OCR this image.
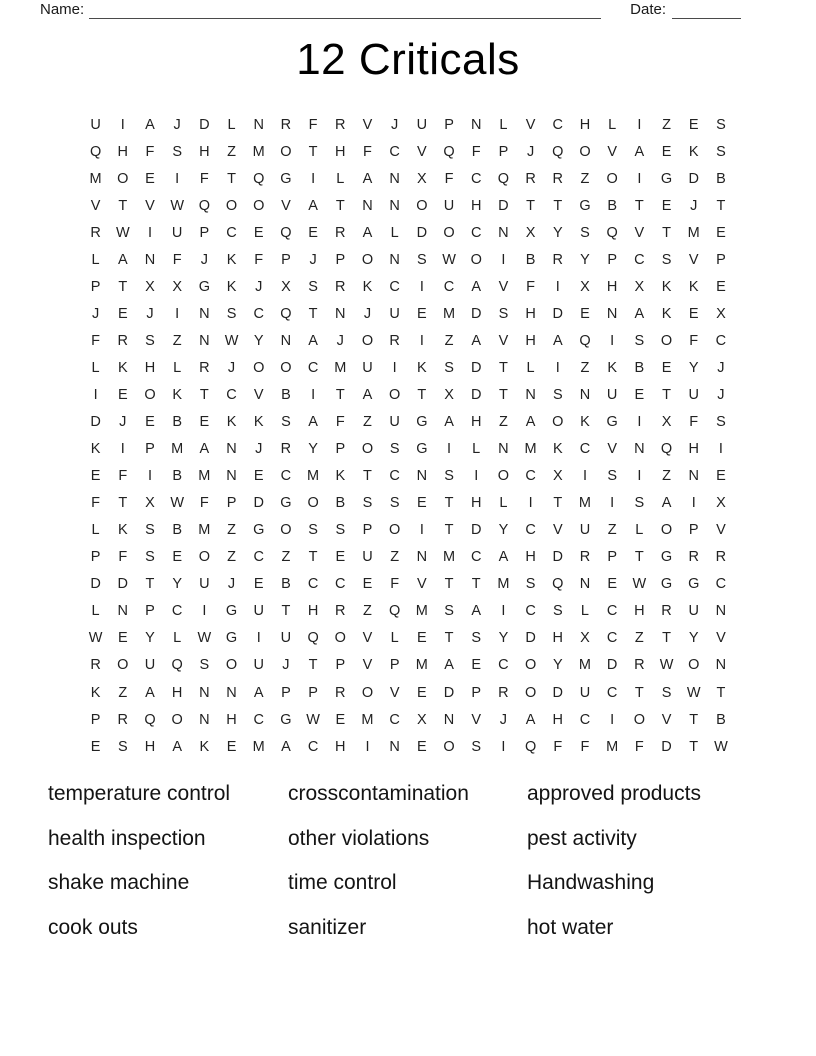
Name:	Date:
12 Criticals
U	I	A	J	D	L	N	R	F	R	V	J	U	P	N	L	V	C	H	L	I	Z	E	S
Q	H	F	S	H	Z	M	O	T	H	F	C	V	Q	F	P	J	Q	O	V	A	E	K	S
M	O	E	I	F	T	Q	G	I	L	A	N	X	F	C	Q	R	R	Z	O	I	G	D	B
V	T	V	W	Q	O	O	V	A	T	N	N	O	U	H	D	T	T	G	B	T	E	J	T
R	W	I	U	P	C	E	Q	E	R	A	L	D	O	C	N	X	Y	S	Q	V	T	M	E
L	A	N	F	J	K	F	P	J	P	O	N	S	W	O	I	B	R	Y	P	C	S	V	P
P	T	X	X	G	K	J	X	S	R	K	C	I	C	A	V	F	I	X	H	X	K	K	E
J	E	J	I	N	S	C	Q	T	N	J	U	E	M	D	S	H	D	E	N	A	K	E	X
F	R	S	Z	N	W	Y	N	A	J	O	R	I	Z	A	V	H	A	Q	I	S	O	F	C
L	K	H	L	R	J	O	O	C	M	U	I	K	S	D	T	L	I	Z	K	B	E	Y	J
I	E	O	K	T	C	V	B	I	T	A	O	T	X	D	T	N	S	N	U	E	T	U	J
D	J	E	B	E	K	K	S	A	F	Z	U	G	A	H	Z	A	O	K	G	I	X	F	S
K	I	P	M	A	N	J	R	Y	P	O	S	G	I	L	N	M	K	C	V	N	Q	H	I
E	F	I	B	M	N	E	C	M	K	T	C	N	S	I	O	C	X	I	S	I	Z	N	E
F	T	X	W	F	P	D	G	O	B	S	S	E	T	H	L	I	T	M	I	S	A	I	X
L	K	S	B	M	Z	G	O	S	S	P	O	I	T	D	Y	C	V	U	Z	L	O	P	V
P	F	S	E	O	Z	C	Z	T	E	U	Z	N	M	C	A	H	D	R	P	T	G	R	R
D	D	T	Y	U	J	E	B	C	C	E	F	V	T	T	M	S	Q	N	E	W	G	G	C
L	N	P	C	I	G	U	T	H	R	Z	Q	M	S	A	I	C	S	L	C	H	R	U	N
W	E	Y	L	W	G	I	U	Q	O	V	L	E	T	S	Y	D	H	X	C	Z	T	Y	V
R	O	U	Q	S	O	U	J	T	P	V	P	M	A	E	C	O	Y	M	D	R	W	O	N
K	Z	A	H	N	N	A	P	P	R	O	V	E	D	P	R	O	D	U	C	T	S	W	T
P	R	Q	O	N	H	C	G	W	E	M	C	X	N	V	J	A	H	C	I	O	V	T	B
E	S	H	A	K	E	M	A	C	H	I	N	E	O	S	I	Q	F	F	M	F	D	T	W
temperature control	crosscontamination	approved products
health inspection	other violations	pest activity
shake machine	time control	Handwashing
cook outs	sanitizer	hot water
